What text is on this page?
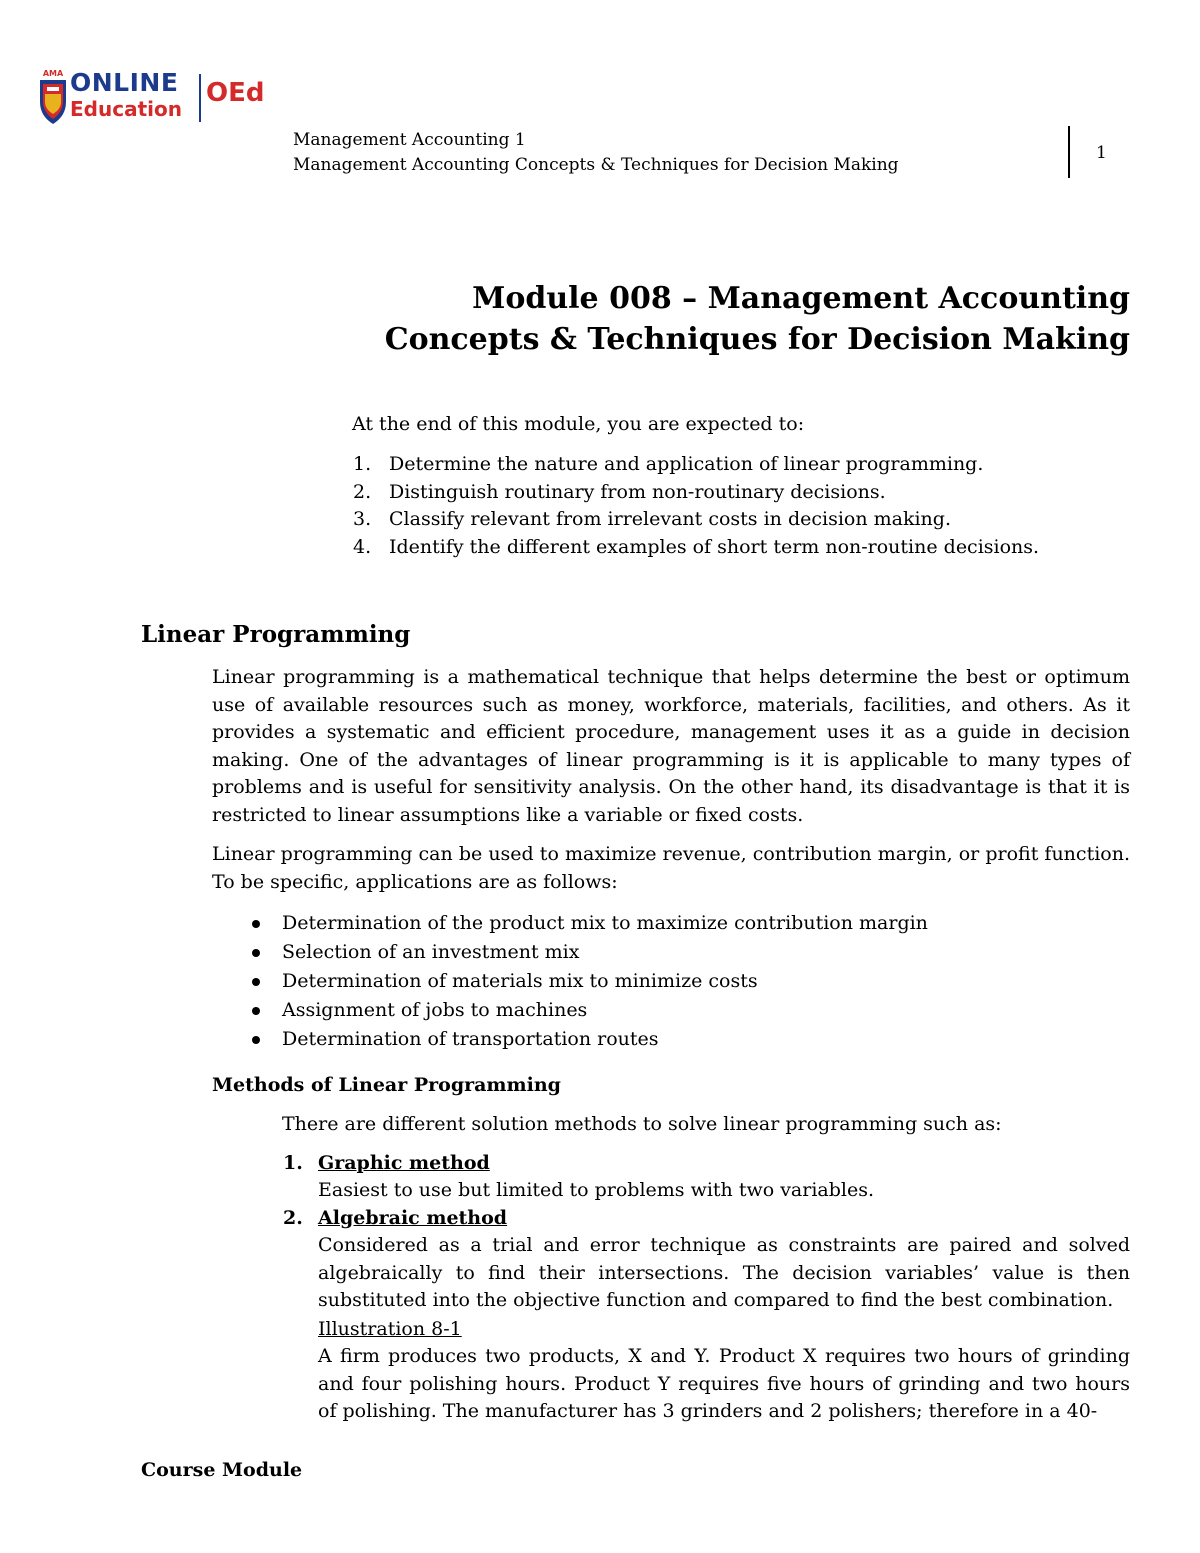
AMA ONLINE
Education
OEd
Management Accounting 1
Management Accounting Concepts & Techniques for Decision Making
1
Module 008 – Management Accounting
Concepts & Techniques for Decision Making
At the end of this module, you are expected to:
1. Determine the nature and application of linear programming.
2. Distinguish routinary from non-routinary decisions.
3. Classify relevant from irrelevant costs in decision making.
4. Identify the different examples of short term non-routine decisions.
Linear Programming
Linear programming is a mathematical technique that helps determine the best or optimum use of available resources such as money, workforce, materials, facilities, and others. As it provides a systematic and efficient procedure, management uses it as a guide in decision making. One of the advantages of linear programming is it is applicable to many types of problems and is useful for sensitivity analysis. On the other hand, its disadvantage is that it is restricted to linear assumptions like a variable or fixed costs.
Linear programming can be used to maximize revenue, contribution margin, or profit function. To be specific, applications are as follows:
Determination of the product mix to maximize contribution margin
Selection of an investment mix
Determination of materials mix to minimize costs
Assignment of jobs to machines
Determination of transportation routes
Methods of Linear Programming
There are different solution methods to solve linear programming such as:
1. Graphic method
Easiest to use but limited to problems with two variables.
2. Algebraic method
Considered as a trial and error technique as constraints are paired and solved algebraically to find their intersections. The decision variables’ value is then substituted into the objective function and compared to find the best combination.
Illustration 8-1
A firm produces two products, X and Y. Product X requires two hours of grinding and four polishing hours. Product Y requires five hours of grinding and two hours of polishing. The manufacturer has 3 grinders and 2 polishers; therefore in a 40-
Course Module
